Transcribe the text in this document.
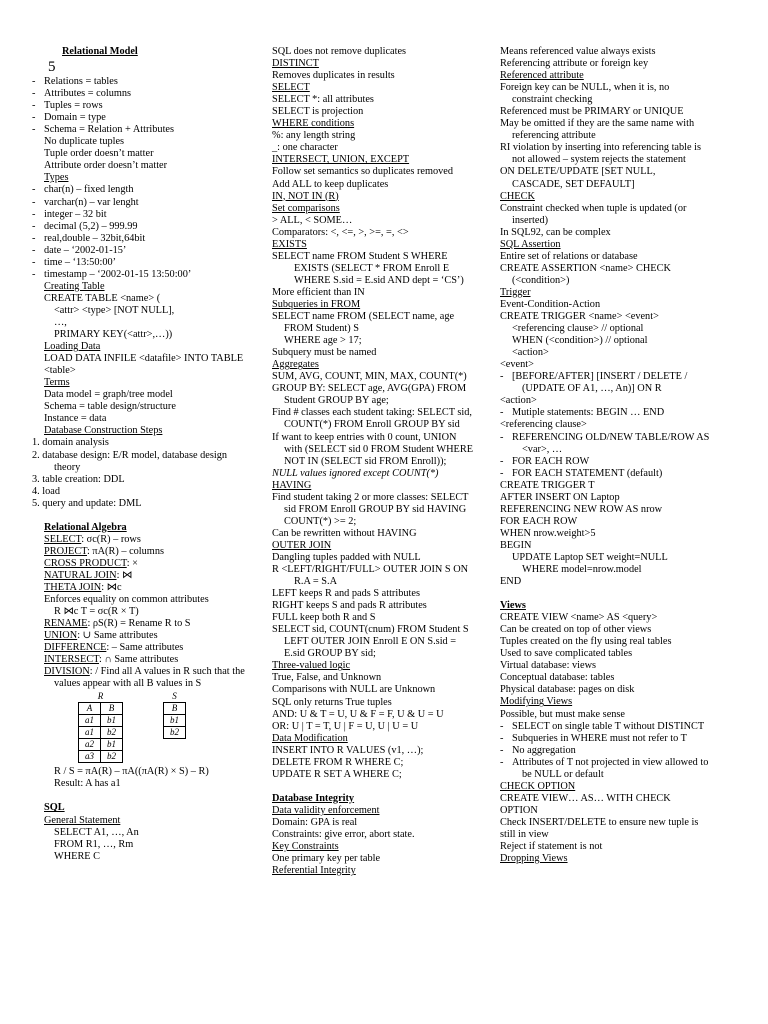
Relational Model
5
- Relations = tables
- Attributes = columns
- Tuples = rows
- Domain = type
- Schema = Relation + Attributes
No duplicate tuples
Tuple order doesn’t matter
Attribute order doesn’t matter
Types
- char(n) – fixed length
- varchar(n) – var lenght
- integer – 32 bit
- decimal (5,2) – 999.99
- real,double – 32bit,64bit
- date – ‘2002-01-15’
- time – ‘13:50:00’
- timestamp – ‘2002-01-15 13:50:00’
Creating Table
CREATE TABLE <name> (
<attr> <type> [NOT NULL],
…,
PRIMARY KEY(<attr>,…))
Loading Data
LOAD DATA INFILE <datafile> INTO TABLE
<table>
Terms
Data model = graph/tree model
Schema = table design/structure
Instance = data
Database Construction Steps
1. domain analysis
2. database design: E/R model, database design
theory
3. table creation: DDL
4. load
5. query and update: DML
Relational Algebra
SELECT: σc(R) – rows
PROJECT: πA(R) – columns
CROSS PRODUCT: ×
NATURAL JOIN: ⋈
THETA JOIN: ⋈c
Enforces equality on common attributes
R ⋈c T = σc(R × T)
RENAME: ρS(R) = Rename R to S
UNION: ∪ Same attributes
DIFFERENCE: – Same attributes
INTERSECT: ∩ Same attributes
DIVISION: / Find all A values in R such that the
values appear with all B values in S
R
A	B
a1	b1
a1	b2
a2	b1
a3	b2
S
B
b1
b2
R / S = πA(R) – πA((πA(R) × S) – R)
Result: A has a1
SQL
General Statement
SELECT A1, …, An
FROM R1, …, Rm
WHERE C
SQL does not remove duplicates
DISTINCT
Removes duplicates in results
SELECT
SELECT *: all attributes
SELECT is projection
WHERE conditions
%: any length string
_: one character
INTERSECT, UNION, EXCEPT
Follow set semantics so duplicates removed
Add ALL to keep duplicates
IN, NOT IN (R)
Set comparisons
> ALL, < SOME…
Comparators: <, <=, >, >=, =, <>
EXISTS
SELECT name FROM Student S WHERE
EXISTS (SELECT * FROM Enroll E
WHERE S.sid = E.sid AND dept = ‘CS’)
More efficient than IN
Subqueries in FROM
SELECT name FROM (SELECT name, age
FROM Student) S
WHERE age > 17;
Subquery must be named
Aggregates
SUM, AVG, COUNT, MIN, MAX, COUNT(*)
GROUP BY: SELECT age, AVG(GPA) FROM
Student GROUP BY age;
Find # classes each student taking: SELECT sid,
COUNT(*) FROM Enroll GROUP BY sid
If want to keep entries with 0 count, UNION
with (SELECT sid 0 FROM Student WHERE
NOT IN (SELECT sid FROM Enroll));
NULL values ignored except COUNT(*)
HAVING
Find student taking 2 or more classes: SELECT
sid FROM Enroll GROUP BY sid HAVING
COUNT(*) >= 2;
Can be rewritten without HAVING
OUTER JOIN
Dangling tuples padded with NULL
R <LEFT/RIGHT/FULL> OUTER JOIN S ON
R.A = S.A
LEFT keeps R and pads S attributes
RIGHT keeps S and pads R attributes
FULL keep both R and S
SELECT sid, COUNT(cnum) FROM Student S
LEFT OUTER JOIN Enroll E ON S.sid =
E.sid GROUP BY sid;
Three-valued logic
True, False, and Unknown
Comparisons with NULL are Unknown
SQL only returns True tuples
AND: U & T = U, U & F = F, U & U = U
OR: U | T = T, U | F = U, U | U = U
Data Modification
INSERT INTO R VALUES (v1, …);
DELETE FROM R WHERE C;
UPDATE R SET A WHERE C;
Database Integrity
Data validity enforcement
Domain: GPA is real
Constraints: give error, abort state.
Key Constraints
One primary key per table
Referential Integrity
Means referenced value always exists
Referencing attribute or foreign key
Referenced attribute
Foreign key can be NULL, when it is, no
constraint checking
Referenced must be PRIMARY or UNIQUE
May be omitted if they are the same name with
referencing attribute
RI violation by inserting into referencing table is
not allowed – system rejects the statement
ON DELETE/UPDATE [SET NULL,
CASCADE, SET DEFAULT]
CHECK
Constraint checked when tuple is updated (or
inserted)
In SQL92, can be complex
SQL Assertion
Entire set of relations or database
CREATE ASSERTION <name> CHECK
(<condition>)
Trigger
Event-Condition-Action
CREATE TRIGGER <name> <event>
<referencing clause> // optional
WHEN (<condition>) // optional
<action>
<event>
- [BEFORE/AFTER] [INSERT / DELETE /
(UPDATE OF A1, …, An)] ON R
<action>
- Mutiple statements: BEGIN … END
<referencing clause>
- REFERENCING OLD/NEW TABLE/ROW AS
<var>, …
- FOR EACH ROW
- FOR EACH STATEMENT (default)
CREATE TRIGGER T
AFTER INSERT ON Laptop
REFERENCING NEW ROW AS nrow
FOR EACH ROW
WHEN nrow.weight>5
BEGIN
UPDATE Laptop SET weight=NULL
WHERE model=nrow.model
END
Views
CREATE VIEW <name> AS <query>
Can be created on top of other views
Tuples created on the fly using real tables
Used to save complicated tables
Virtual database: views
Conceptual database: tables
Physical database: pages on disk
Modifying Views
Possible, but must make sense
- SELECT on single table T without DISTINCT
- Subqueries in WHERE must not refer to T
- No aggregation
- Attributes of T not projected in view allowed to
be NULL or default
CHECK OPTION
CREATE VIEW… AS… WITH CHECK
OPTION
Check INSERT/DELETE to ensure new tuple is
still in view
Reject if statement is not
Dropping Views
